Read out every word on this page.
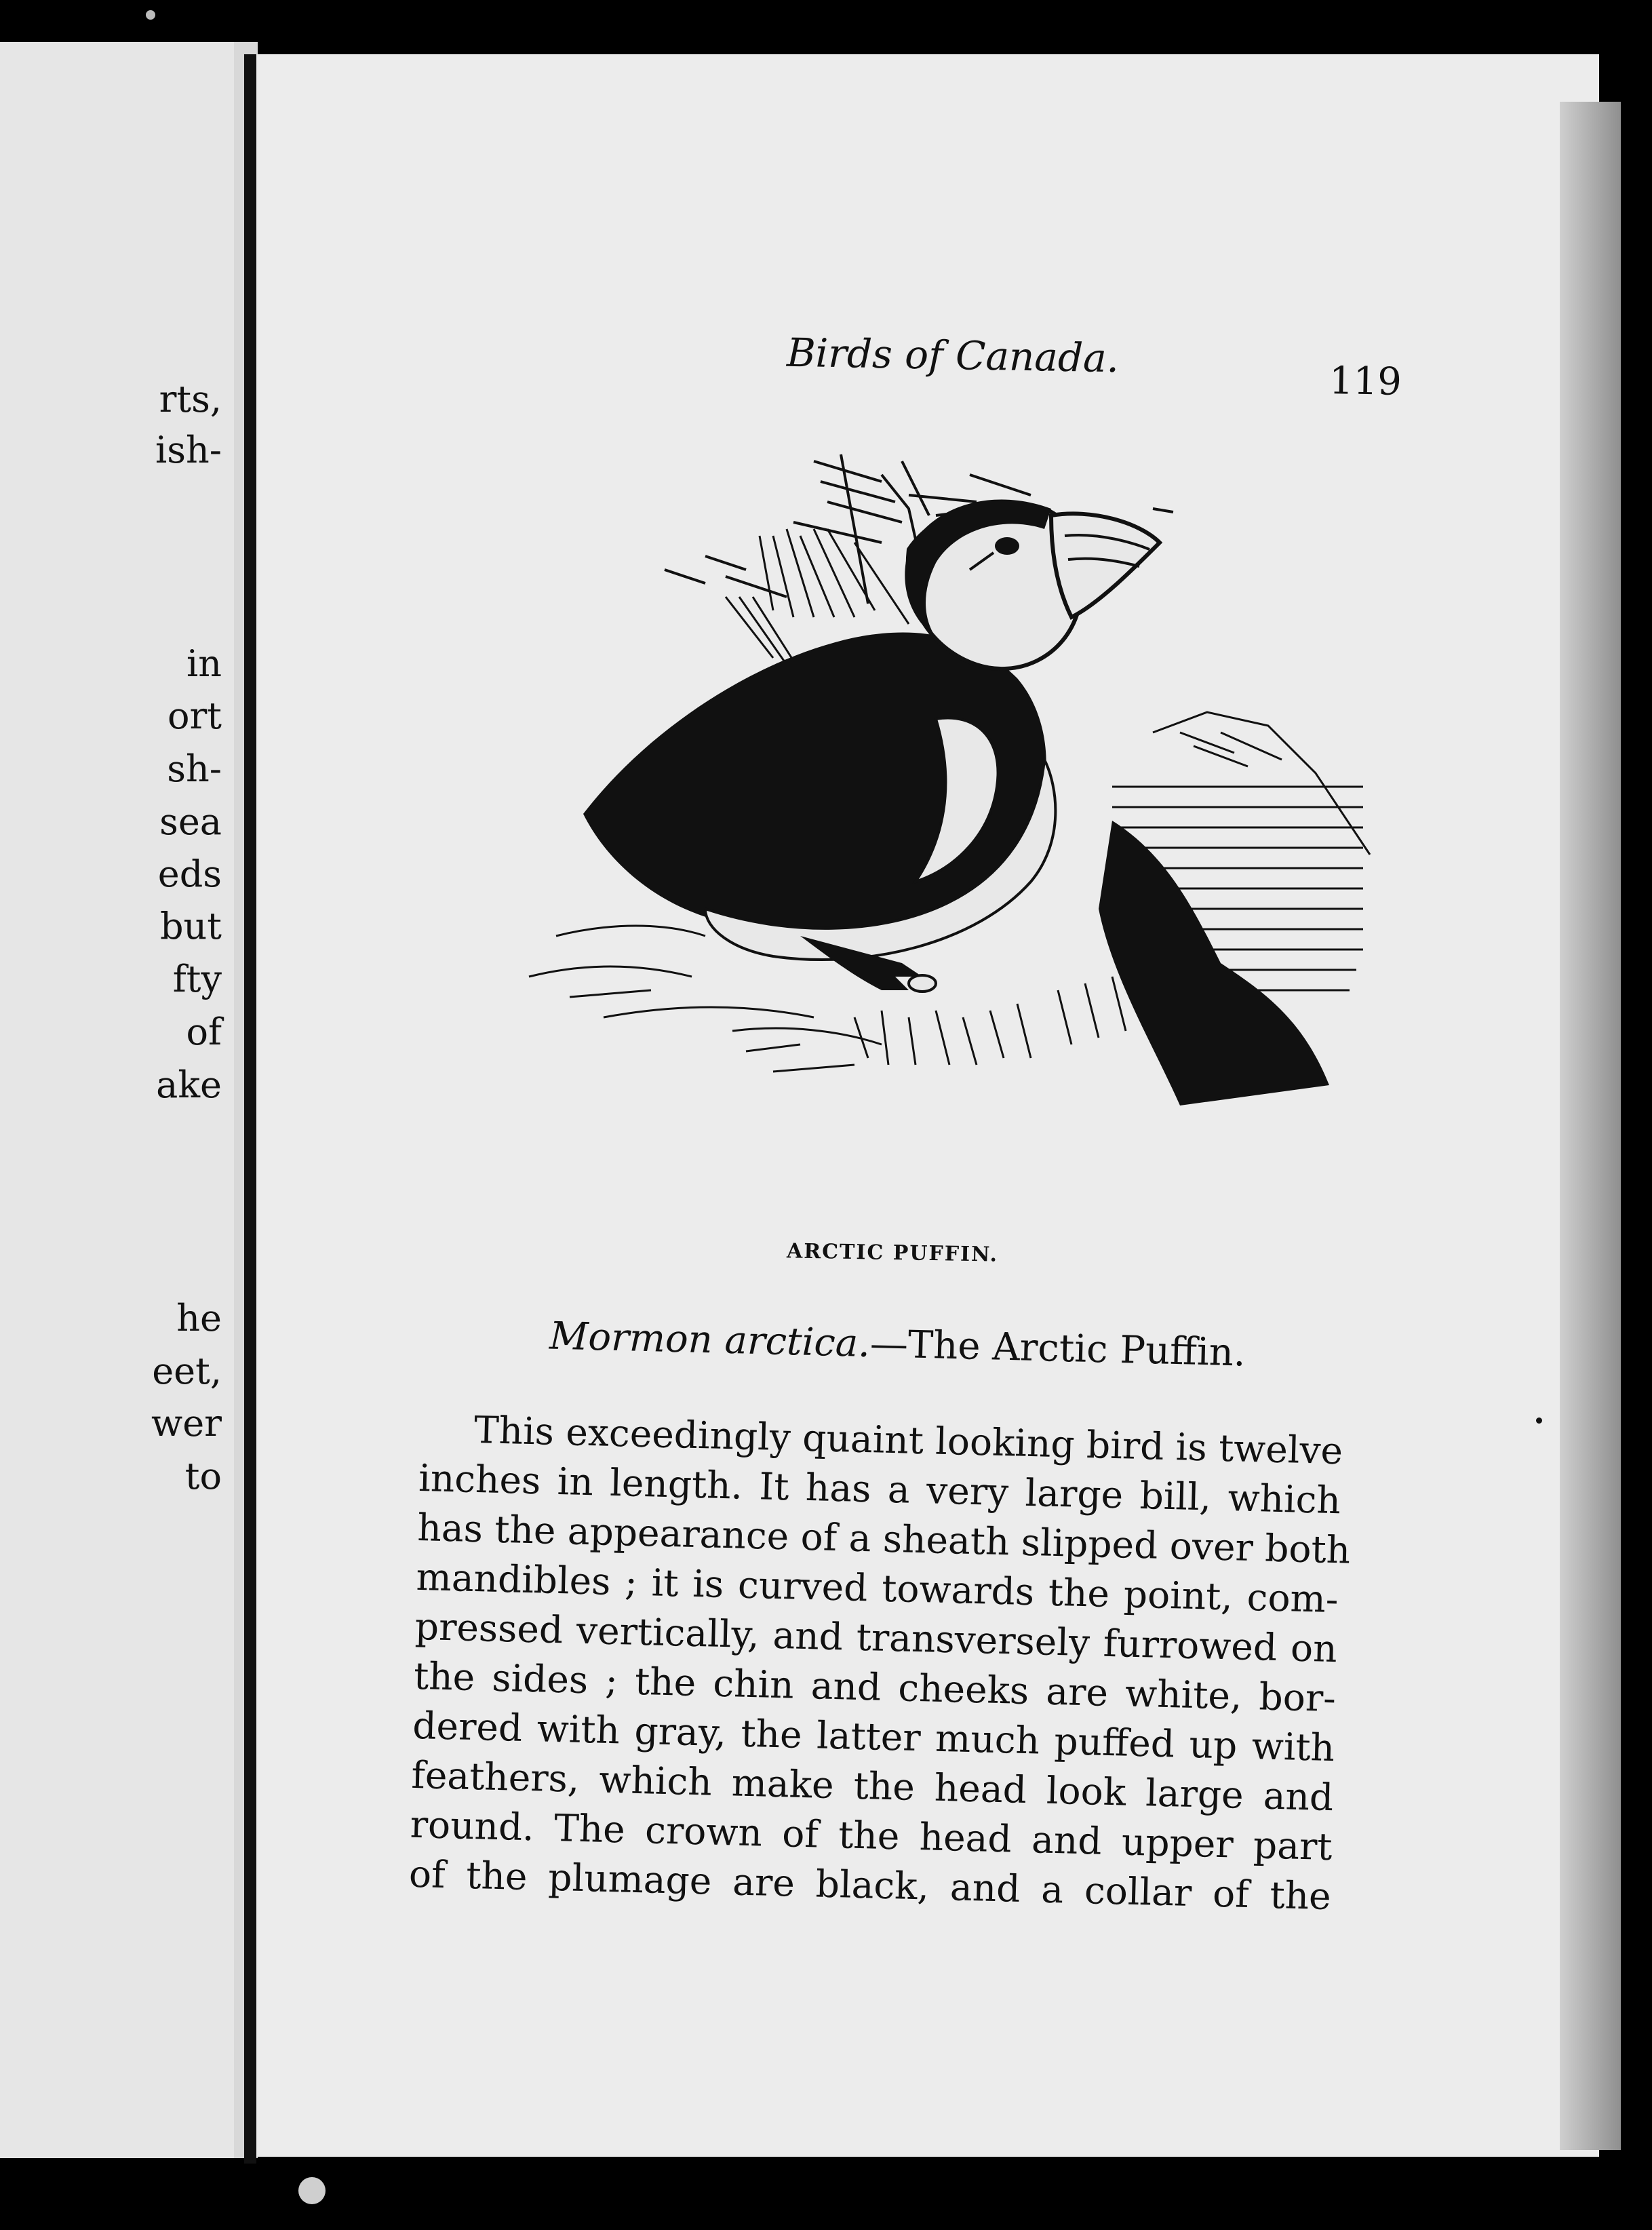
rts,
ish-
in
ort
sh-
sea
eds
but
fty
of
ake
he
eet,
wer
to
Birds of Canada.
119
ARCTIC PUFFIN.
Mormon arctica.—The Arctic Puffin.
This exceedingly quaint looking bird is twelve
inches in length. It has a very large bill, which
has the appearance of a sheath slipped over both
mandibles ; it is curved towards the point, com-
pressed vertically, and transversely furrowed on
the sides ; the chin and cheeks are white, bor-
dered with gray, the latter much puffed up with
feathers, which make the head look large and
round. The crown of the head and upper part
of the plumage are black, and a collar of the
